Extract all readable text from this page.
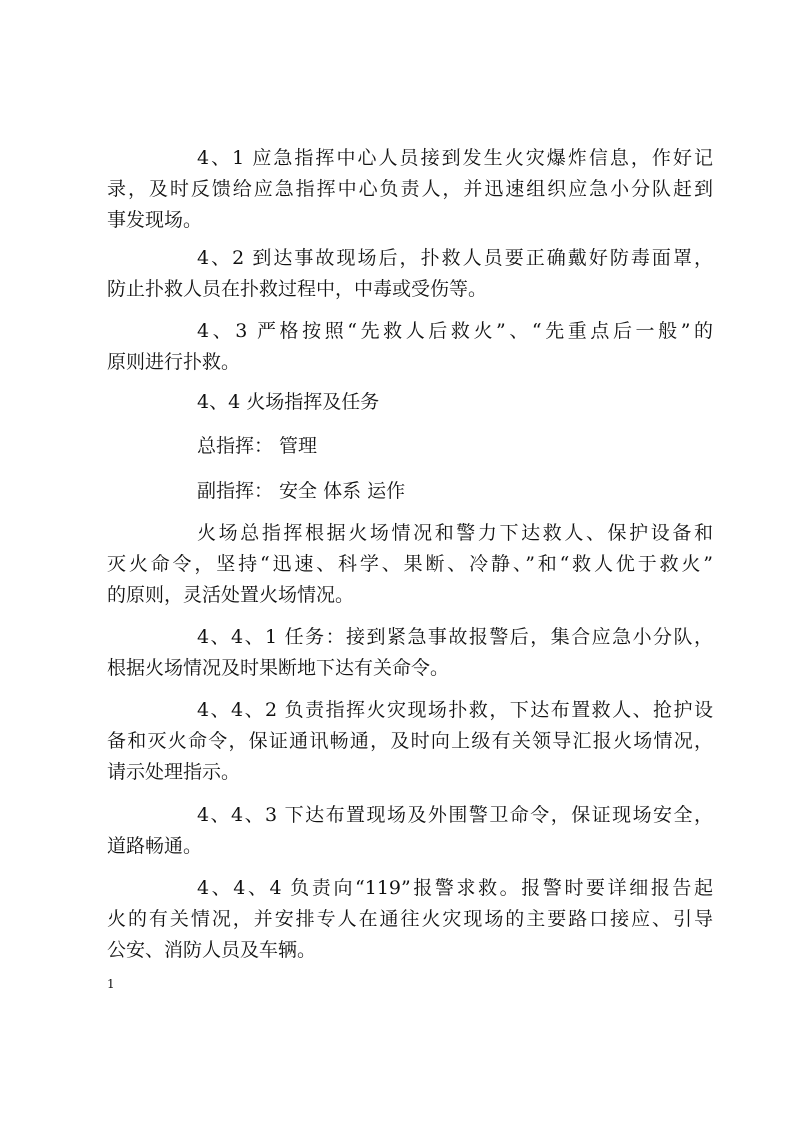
4、1 应急指挥中心人员接到发生火灾爆炸信息，作好记
录，及时反馈给应急指挥中心负责人，并迅速组织应急小分队赶到
事发现场。
4、2 到达事故现场后，扑救人员要正确戴好防毒面罩，
防止扑救人员在扑救过程中，中毒或受伤等。
4、3 严格按照“先救人后救火”、“先重点后一般”的
原则进行扑救。
4、4 火场指挥及任务
总指挥： 管理
副指挥： 安全 体系 运作
火场总指挥根据火场情况和警力下达救人、保护设备和
灭火命令，坚持“迅速、科学、果断、冷静、”和“救人优于救火”
的原则，灵活处置火场情况。
4、4、1 任务：接到紧急事故报警后，集合应急小分队，
根据火场情况及时果断地下达有关命令。
4、4、2 负责指挥火灾现场扑救，下达布置救人、抢护设
备和灭火命令，保证通讯畅通，及时向上级有关领导汇报火场情况，
请示处理指示。
4、4、3 下达布置现场及外围警卫命令，保证现场安全，
道路畅通。
4、4、4 负责向“119”报警求救。报警时要详细报告起
火的有关情况，并安排专人在通往火灾现场的主要路口接应、引导
公安、消防人员及车辆。
1
